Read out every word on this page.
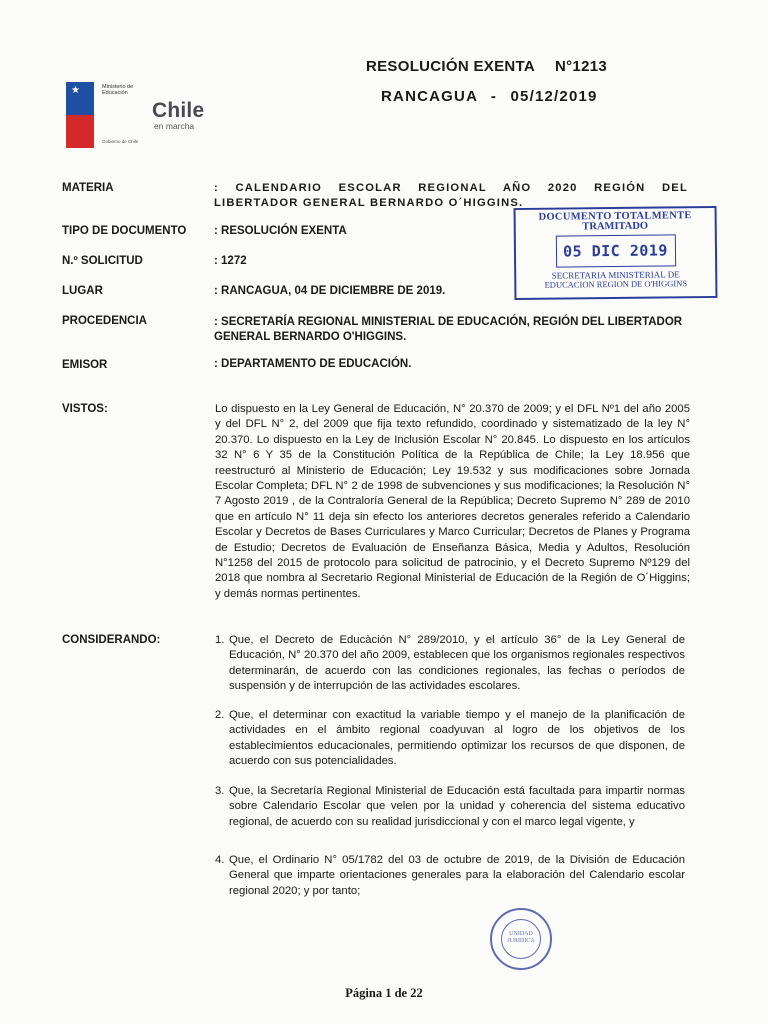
RESOLUCIÓN EXENTA N°1213
RANCAGUA - 05/12/2019
★	Ministerio de
Educación
Chile
en marcha
Gobierno de Chile
DOCUMENTO TOTALMENTE
TRAMITADO
05 DIC 2019
SECRETARIA MINISTERIAL DE
EDUCACION REGION DE O'HIGGINS
MATERIA	: CALENDARIO ESCOLAR REGIONAL AÑO 2020 REGIÓN DEL LIBERTADOR GENERAL BERNARDO O´HIGGINS.
TIPO DE DOCUMENTO : RESOLUCIÓN EXENTA
N.º SOLICITUD	: 1272
LUGAR	: RANCAGUA, 04 DE DICIEMBRE DE 2019.
PROCEDENCIA	: SECRETARÍA REGIONAL MINISTERIAL DE EDUCACIÓN, REGIÓN DEL LIBERTADOR GENERAL BERNARDO O'HIGGINS.
EMISOR	: DEPARTAMENTO DE EDUCACIÓN.
VISTOS:	Lo dispuesto en la Ley General de Educación, N° 20.370 de 2009; y el DFL Nº1 del año 2005 y del DFL N° 2, del 2009 que fija texto refundido, coordinado y sistematizado de la ley N° 20.370. Lo dispuesto en la Ley de Inclusión Escolar N° 20.845. Lo dispuesto en los artículos 32 N° 6 Y 35 de la Constitución Política de la República de Chile; la Ley 18.956 que reestructuró al Ministerio de Educación; Ley 19.532 y sus modificaciones sobre Jornada Escolar Completa; DFL N° 2 de 1998 de subvenciones y sus modificaciones; la Resolución N° 7 Agosto 2019 , de la Contraloría General de la República; Decreto Supremo N° 289 de 2010 que en artículo N° 11 deja sin efecto los anteriores decretos generales referido a Calendario Escolar y Decretos de Bases Curriculares y Marco Curricular; Decretos de Planes y Programa de Estudio; Decretos de Evaluación de Enseñanza Básica, Media y Adultos, Resolución N°1258 del 2015 de protocolo para solicitud de patrocinio, y el Decreto Supremo Nº129 del 2018 que nombra al Secretario Regional Ministerial de Educación de la Región de O´Higgins; y demás normas pertinentes.
CONSIDERANDO:	1. Que, el Decreto de Educàción N° 289/2010, y el artículo 36° de la Ley General de Educación, N° 20.370 del año 2009, establecen que los organismos regionales respectivos determinarán, de acuerdo con las condiciones regionales, las fechas o períodos de suspensión y de interrupción de las actividades escolares.
2. Que, el determinar con exactitud la variable tiempo y el manejo de la planificación de actividades en el ámbito regional coadyuvan al logro de los objetivos de los establecimientos educacionales, permitiendo optimizar los recursos de que disponen, de acuerdo con sus potencialidades.
3. Que, la Secretaría Regional Ministerial de Educación está facultada para impartir normas sobre Calendario Escolar que velen por la unidad y coherencia del sistema educativo regional, de acuerdo con su realidad jurisdiccional y con el marco legal vigente, y
4. Que, el Ordinario N° 05/1782 del 03 de octubre de 2019, de la División de Educación General que imparte orientaciones generales para la elaboración del Calendario escolar regional 2020; y por tanto;
UNIDAD
JURIDICA
Página 1 de 22
